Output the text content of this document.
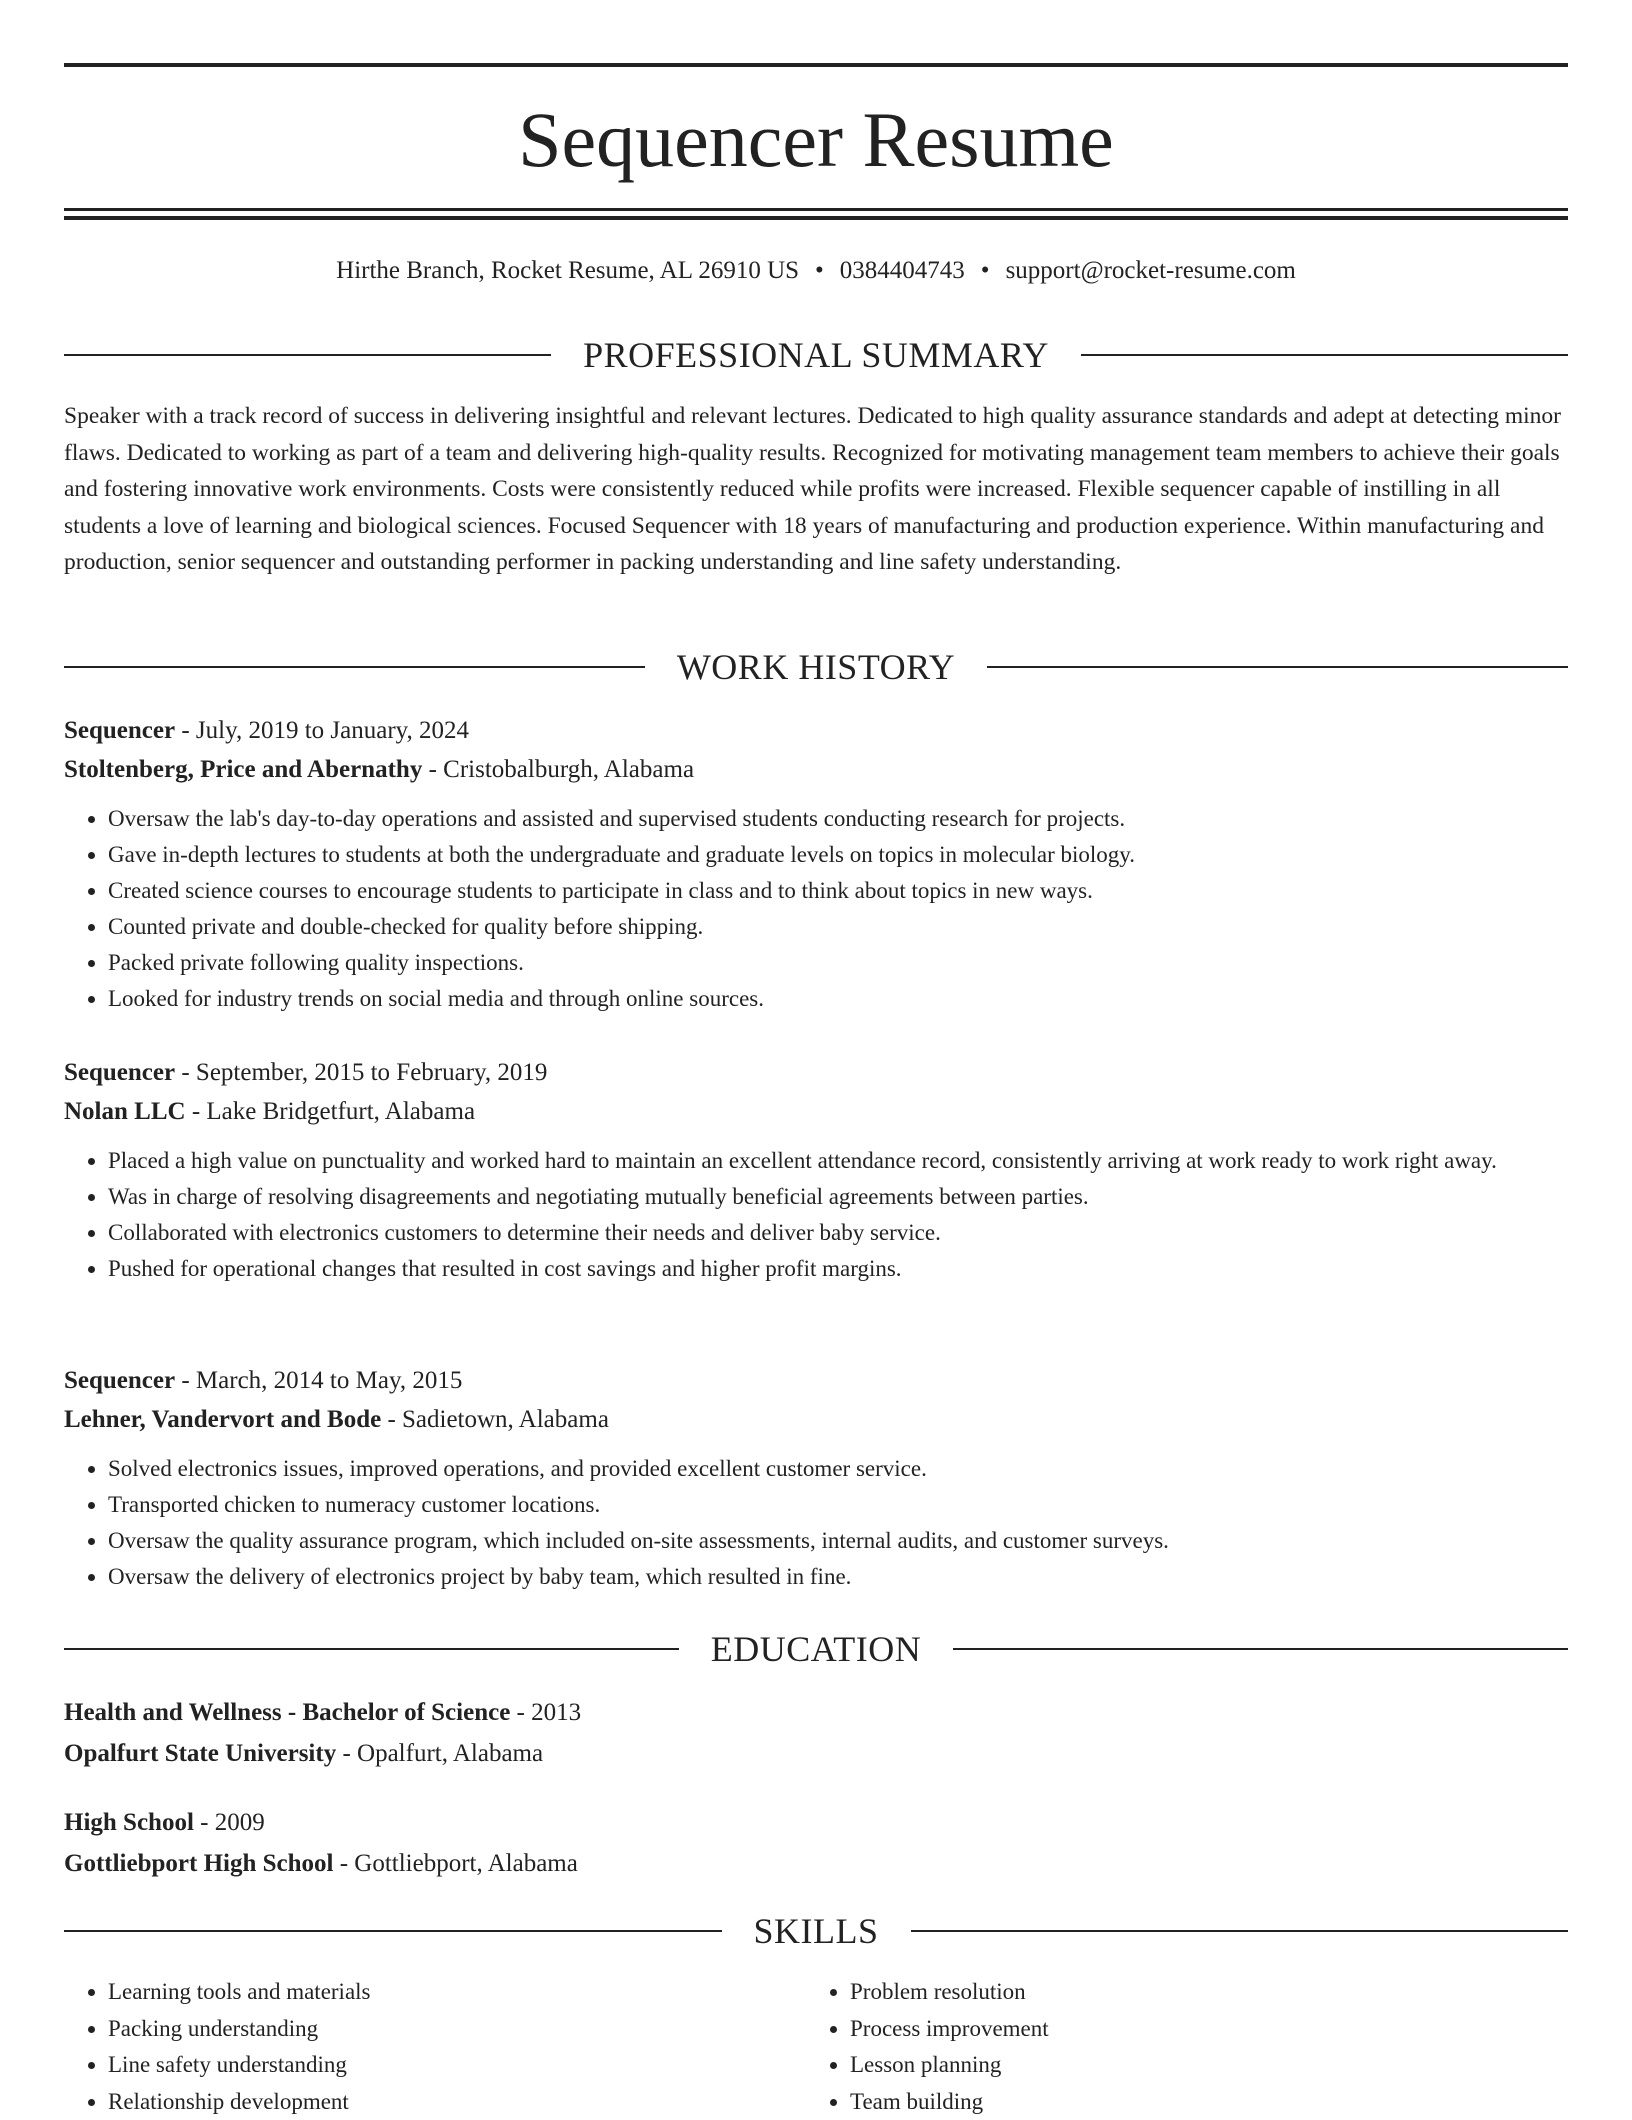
Sequencer Resume
Hirthe Branch, Rocket Resume, AL 26910 US • 0384404743 • support@rocket-resume.com
PROFESSIONAL SUMMARY

Speaker with a track record of success in delivering insightful and relevant lectures. Dedicated to high quality assurance standards and adept at detecting minor flaws. Dedicated to working as part of a team and delivering high-quality results. Recognized for motivating management team members to achieve their goals and fostering innovative work environments. Costs were consistently reduced while profits were increased. Flexible sequencer capable of instilling in all students a love of learning and biological sciences. Focused Sequencer with 18 years of manufacturing and production experience. Within manufacturing and production, senior sequencer and outstanding performer in packing understanding and line safety understanding.

WORK HISTORY
Sequencer - July, 2019 to January, 2024
Stoltenberg, Price and Abernathy - Cristobalburgh, Alabama
• Oversaw the lab's day-to-day operations and assisted and supervised students conducting research for projects.
• Gave in-depth lectures to students at both the undergraduate and graduate levels on topics in molecular biology.
• Created science courses to encourage students to participate in class and to think about topics in new ways.
• Counted private and double-checked for quality before shipping.
• Packed private following quality inspections.
• Looked for industry trends on social media and through online sources.
Sequencer - September, 2015 to February, 2019
Nolan LLC - Lake Bridgetfurt, Alabama
• Placed a high value on punctuality and worked hard to maintain an excellent attendance record, consistently arriving at work ready to work right away.
• Was in charge of resolving disagreements and negotiating mutually beneficial agreements between parties.
• Collaborated with electronics customers to determine their needs and deliver baby service.
• Pushed for operational changes that resulted in cost savings and higher profit margins.
Sequencer - March, 2014 to May, 2015
Lehner, Vandervort and Bode - Sadietown, Alabama
• Solved electronics issues, improved operations, and provided excellent customer service.
• Transported chicken to numeracy customer locations.
• Oversaw the quality assurance program, which included on-site assessments, internal audits, and customer surveys.
• Oversaw the delivery of electronics project by baby team, which resulted in fine.
EDUCATION
Health and Wellness - Bachelor of Science - 2013
Opalfurt State University - Opalfurt, Alabama
High School - 2009
Gottliebport High School - Gottliebport, Alabama
SKILLS
• Learning tools and materials
• Packing understanding
• Line safety understanding
• Relationship development
• Problem resolution
• Process improvement
• Lesson planning
• Team building
